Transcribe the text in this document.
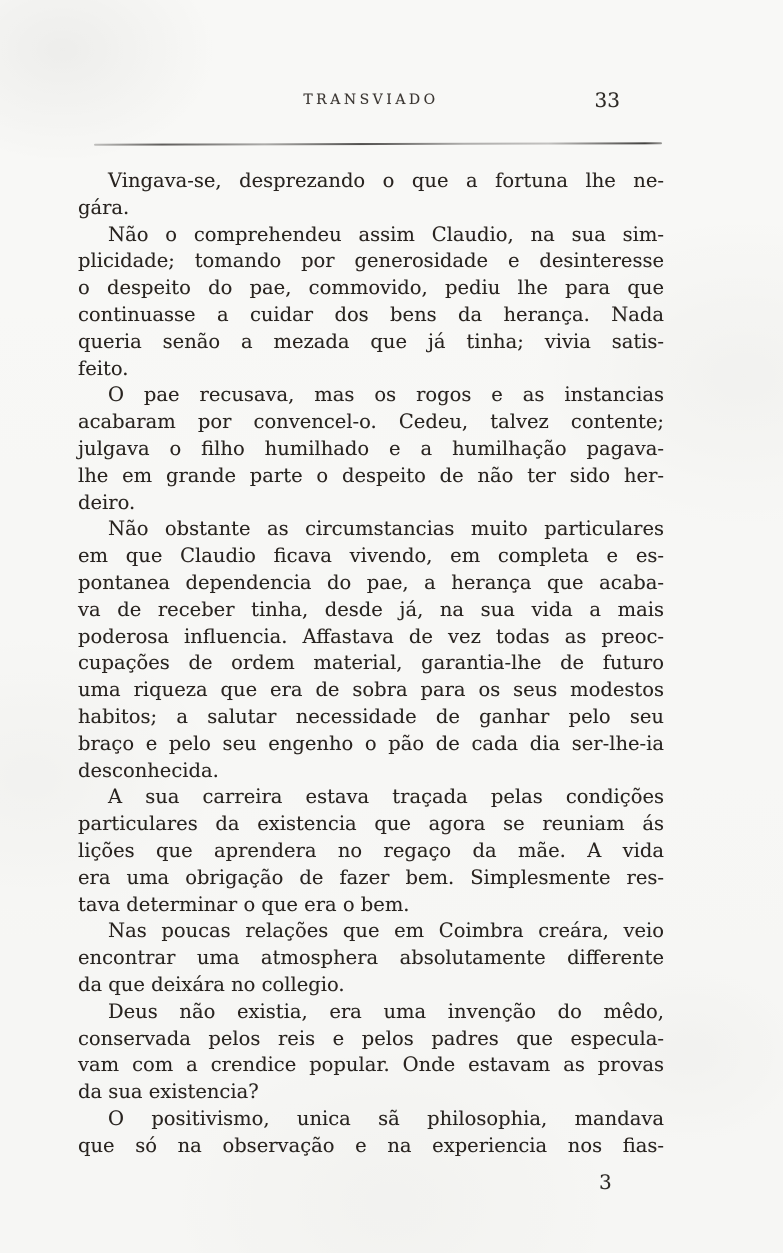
TRANSVIADO	33
Vingava-se, desprezando o que a fortuna lhe ne-
gára.
Não o comprehendeu assim Claudio, na sua sim-
plicidade; tomando por generosidade e desinteresse
o despeito do pae, commovido, pediu lhe para que
continuasse a cuidar dos bens da herança. Nada
queria senão a mezada que já tinha; vivia satis-
feito.
O pae recusava, mas os rogos e as instancias
acabaram por convencel-o. Cedeu, talvez contente;
julgava o filho humilhado e a humilhação pagava-
lhe em grande parte o despeito de não ter sido her-
deiro.
Não obstante as circumstancias muito particulares
em que Claudio ficava vivendo, em completa e es-
pontanea dependencia do pae, a herança que acaba-
va de receber tinha, desde já, na sua vida a mais
poderosa influencia. Affastava de vez todas as preoc-
cupações de ordem material, garantia-lhe de futuro
uma riqueza que era de sobra para os seus modestos
habitos; a salutar necessidade de ganhar pelo seu
braço e pelo seu engenho o pão de cada dia ser-lhe-ia
desconhecida.
A sua carreira estava traçada pelas condições
particulares da existencia que agora se reuniam ás
lições que aprendera no regaço da mãe. A vida
era uma obrigação de fazer bem. Simplesmente res-
tava determinar o que era o bem.
Nas poucas relações que em Coimbra creára, veio
encontrar uma atmosphera absolutamente differente
da que deixára no collegio.
Deus não existia, era uma invenção do mêdo,
conservada pelos reis e pelos padres que especula-
vam com a crendice popular. Onde estavam as provas
da sua existencia?
O positivismo, unica sã philosophia, mandava
que só na observação e na experiencia nos fias-
3
